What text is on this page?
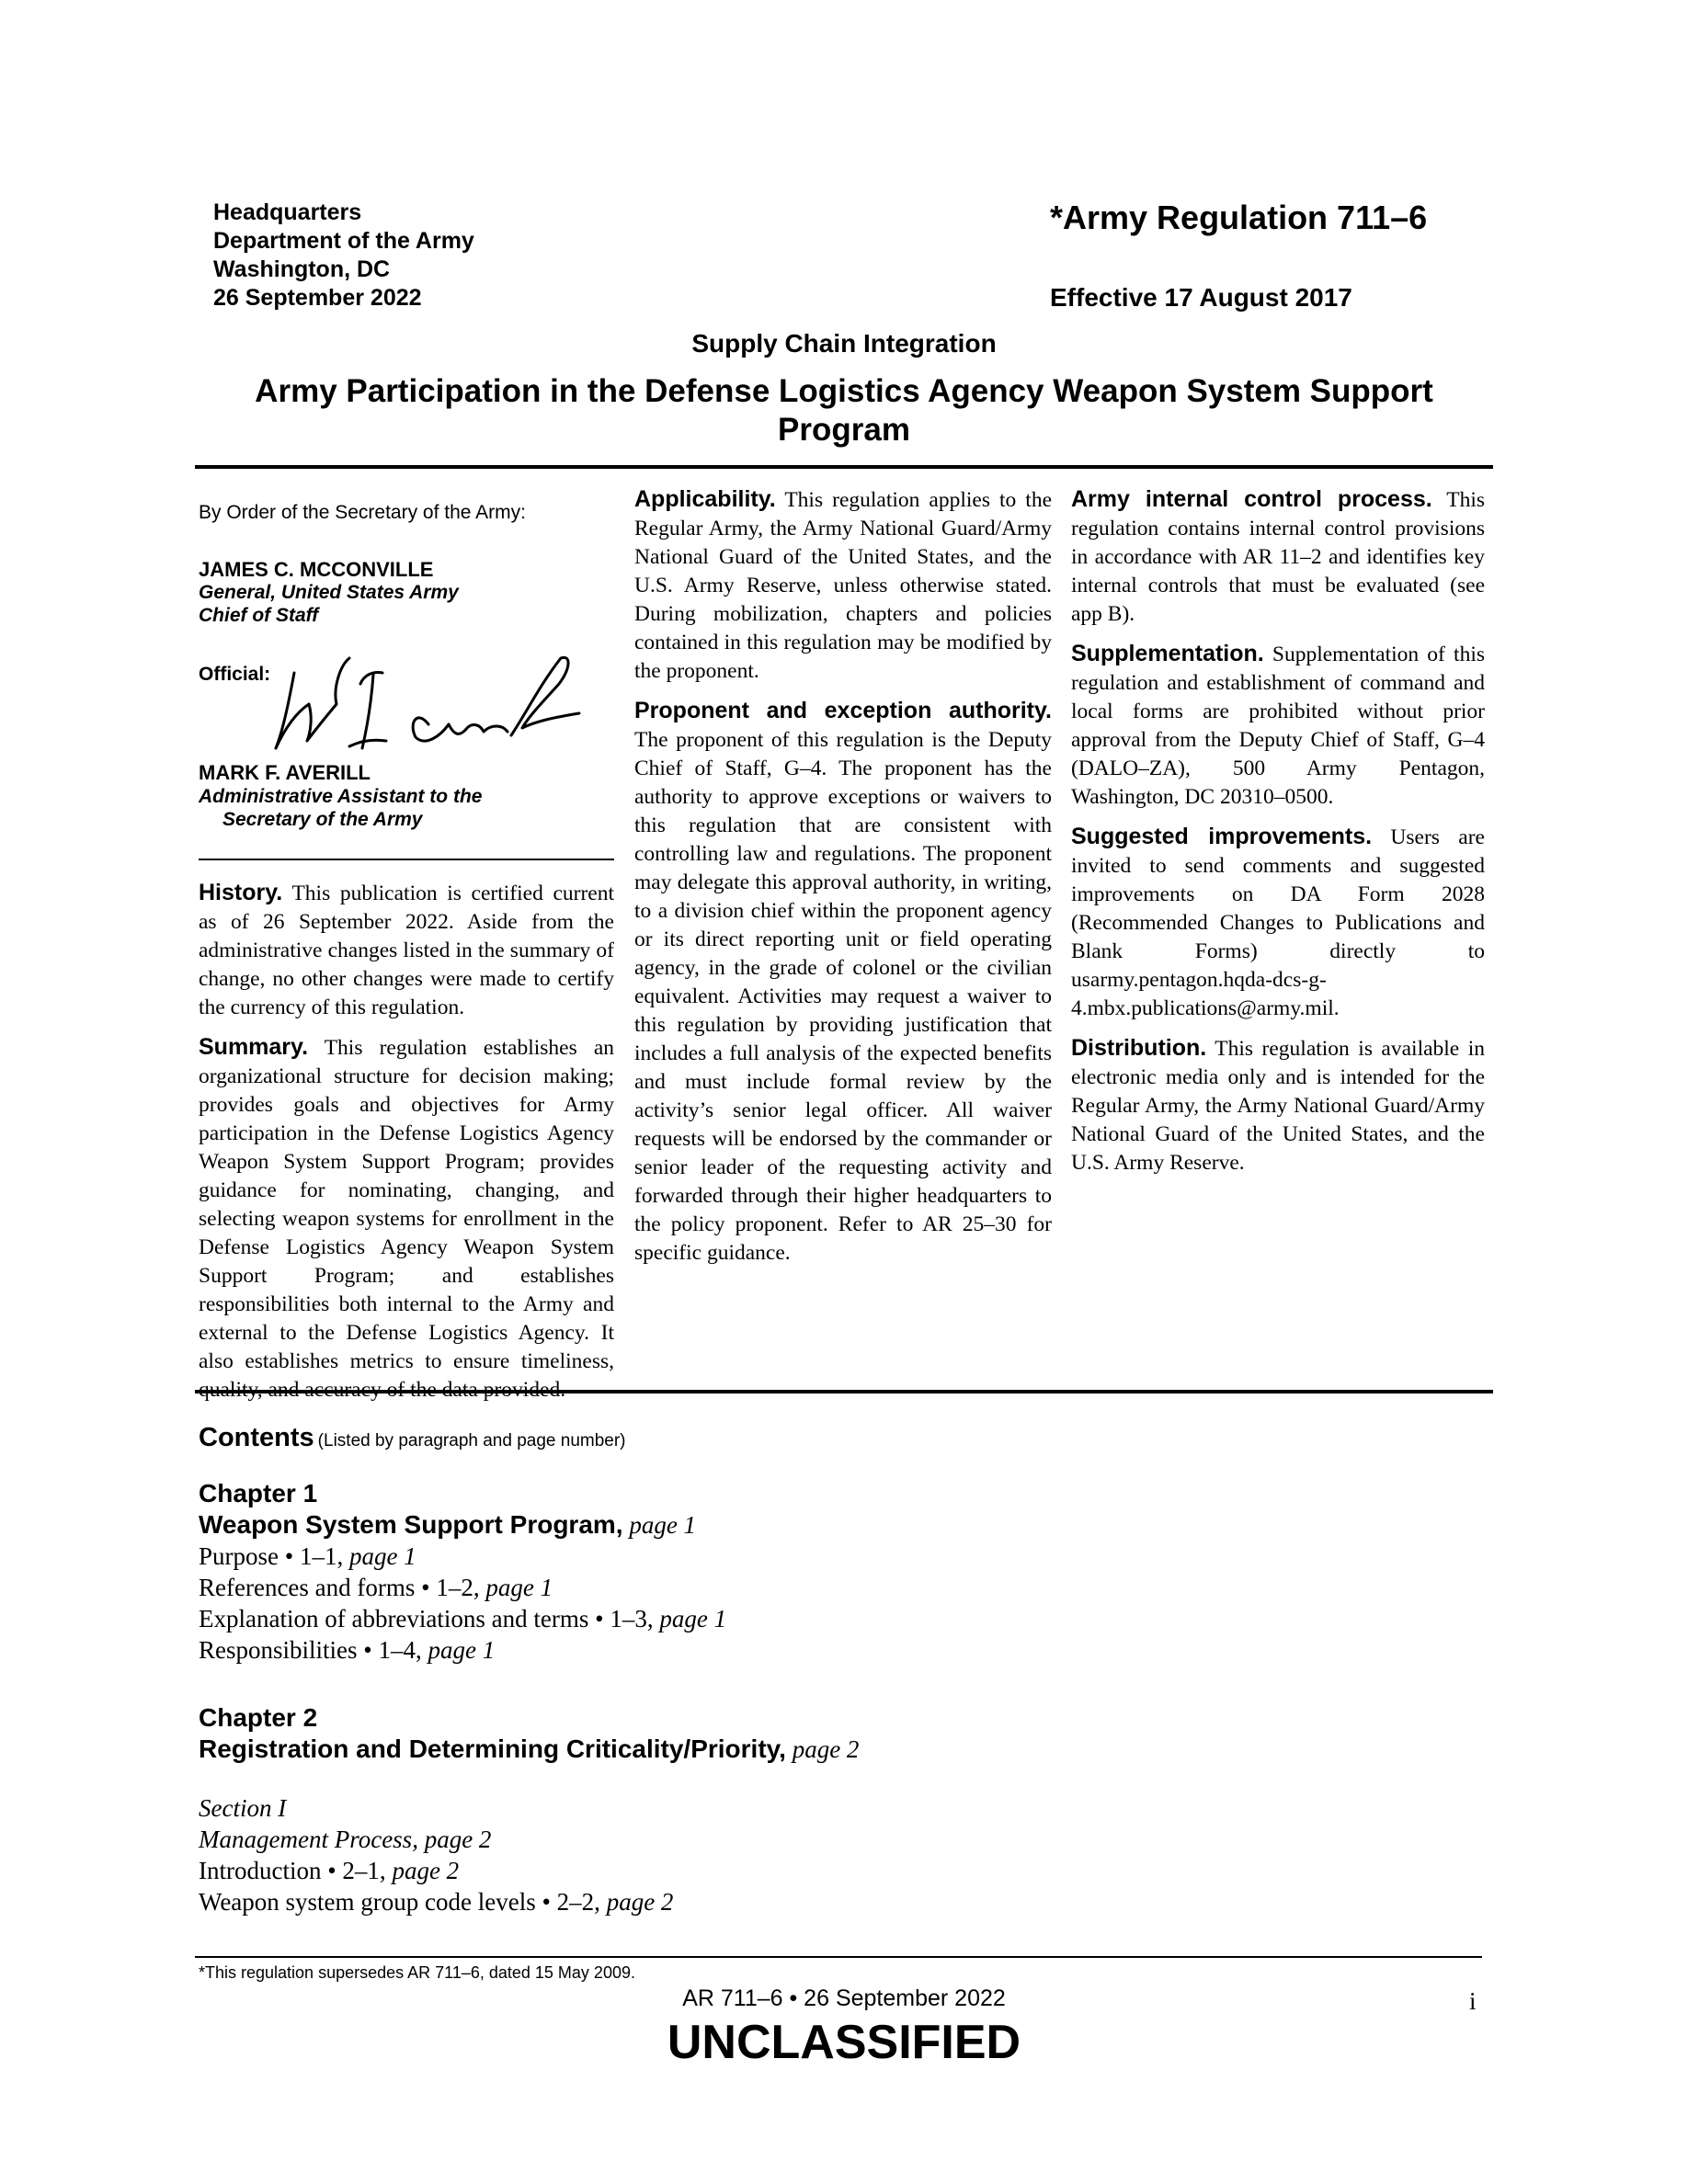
Headquarters
Department of the Army
Washington, DC
26 September 2022
*Army Regulation 711–6
Effective 17 August 2017
Supply Chain Integration
Army Participation in the Defense Logistics Agency Weapon System Support Program
By Order of the Secretary of the Army:
JAMES C. MCCONVILLE
General, United States Army
Chief of Staff
Official:
MARK F. AVERILL
Administrative Assistant to the
Secretary of the Army

History. This publication is certified current as of 26 September 2022. Aside from the administrative changes listed in the summary of change, no other changes were made to certify the currency of this regulation.

Summary. This regulation establishes an organizational structure for decision making; provides goals and objectives for Army participation in the Defense Logistics Agency Weapon System Support Program; provides guidance for nominating, changing, and selecting weapon systems for enrollment in the Defense Logistics Agency Weapon System Support Program; and establishes responsibilities both internal to the Army and external to the Defense Logistics Agency. It also establishes metrics to ensure timeliness,

Applicability. This regulation applies to the Regular Army, the Army National Guard/Army National Guard of the United States, and the U.S. Army Reserve, unless otherwise stated. During mobilization, chapters and policies contained in this regulation may be modified by the proponent.

Proponent and exception authority. The proponent of this regulation is the Deputy Chief of Staff, G–4. The proponent has the authority to approve exceptions or waivers to this regulation that are consistent with controlling law and regulations. The proponent may delegate this approval authority, in writing, to a division chief within the proponent agency or its direct reporting unit or field operating agency, in the grade of colonel or the civilian equivalent. Activities may request a waiver to this regulation by providing justification that includes a full analysis of the expected benefits and must include formal review by the activity’s senior legal officer. All waiver requests will be endorsed by the commander or senior leader of the requesting activity and forwarded through their higher headquarters to the policy proponent. Refer to AR 25–30 for specific guidance.

Army internal control process. This regulation contains internal control provisions in accordance with AR 11–2 and identifies key internal controls that must be evaluated (see app B).

Supplementation. Supplementation of this regulation and establishment of command and local forms are prohibited without prior approval from the Deputy Chief of Staff, G–4 (DALO–ZA), 500 Army Pentagon, Washington, DC 20310–0500.

Suggested improvements. Users are invited to send comments and suggested improvements on DA Form 2028 (Recommended Changes to Publications and Blank Forms) directly to usarmy.pentagon.hqda-dcs-g-4.mbx.publications@army.mil.

Distribution. This regulation is available in electronic media only and is intended for the Regular Army, the Army National Guard/Army National Guard of the United States, and the U.S. Army Reserve.

Contents (Listed by paragraph and page number)
Chapter 1
Weapon System Support Program, page 1
Purpose • 1–1, page 1
References and forms • 1–2, page 1
Explanation of abbreviations and terms • 1–3, page 1
Responsibilities • 1–4, page 1
Chapter 2
Registration and Determining Criticality/Priority, page 2
Section I
Management Process, page 2
Introduction • 2–1, page 2
Weapon system group code levels • 2–2, page 2
*This regulation supersedes AR 711–6, dated 15 May 2009.
AR 711–6 • 26 September 2022	i
UNCLASSIFIED
